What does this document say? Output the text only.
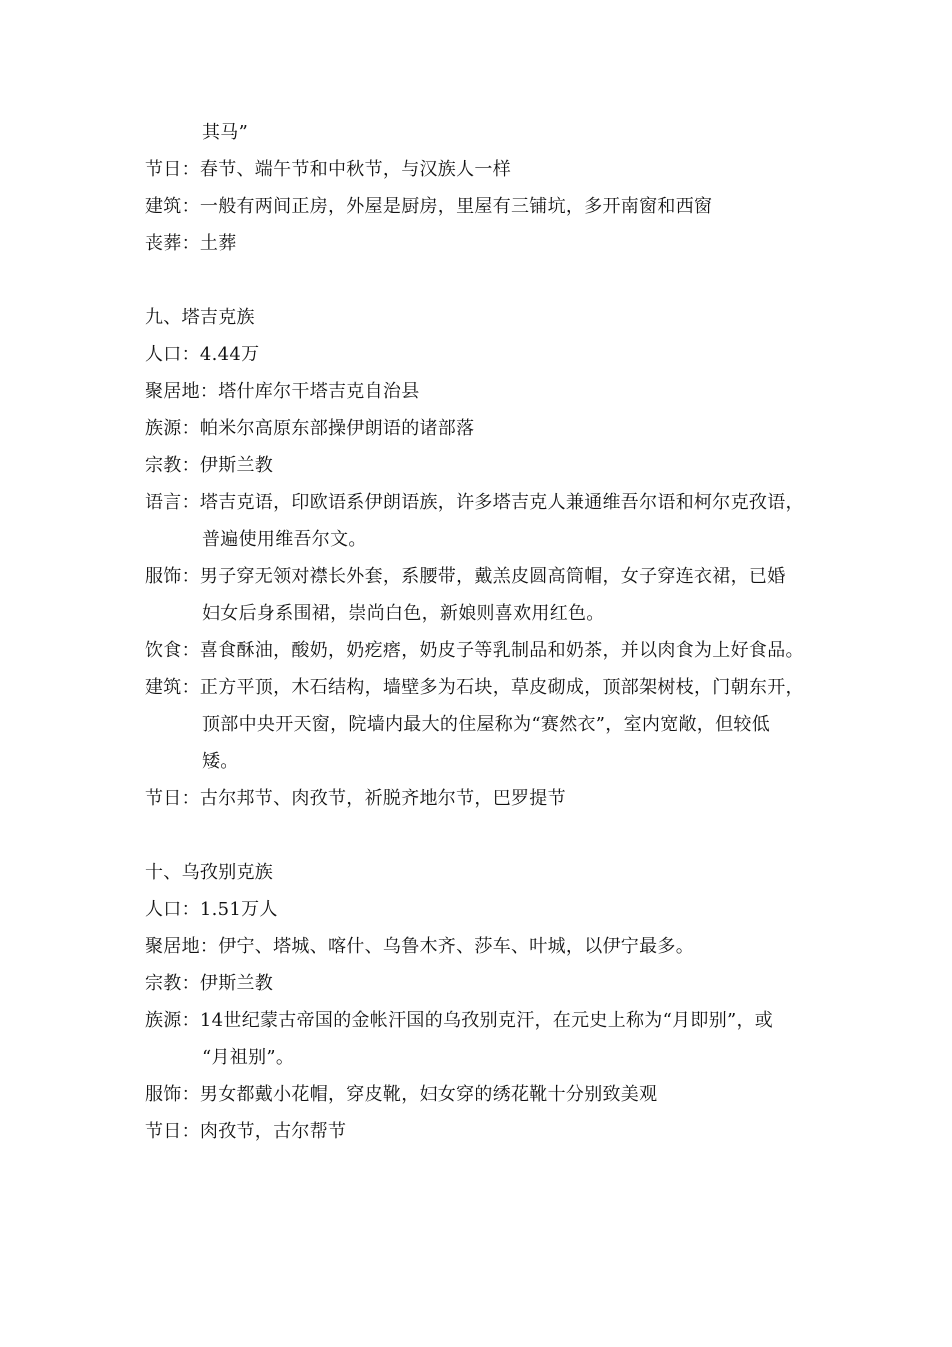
其马”

节日：春节、端午节和中秋节，与汉族人一样

建筑：一般有两间正房，外屋是厨房，里屋有三铺坑，多开南窗和西窗

丧葬：土葬

九、塔吉克族

人口：4.44万

聚居地：塔什库尔干塔吉克自治县

族源：帕米尔高原东部操伊朗语的诸部落

宗教：伊斯兰教

语言：塔吉克语，印欧语系伊朗语族，许多塔吉克人兼通维吾尔语和柯尔克孜语，

普遍使用维吾尔文。

服饰：男子穿无领对襟长外套，系腰带，戴羔皮圆高筒帽，女子穿连衣裙，已婚

妇女后身系围裙，崇尚白色，新娘则喜欢用红色。

饮食：喜食酥油，酸奶，奶疙瘩，奶皮子等乳制品和奶茶，并以肉食为上好食品。

建筑：正方平顶，木石结构，墙壁多为石块，草皮砌成，顶部架树枝，门朝东开，

顶部中央开天窗，院墙内最大的住屋称为“赛然衣”，室内宽敞，但较低

矮。

节日：古尔邦节、肉孜节，祈脱齐地尔节，巴罗提节

十、乌孜别克族

人口：1.51万人

聚居地：伊宁、塔城、喀什、乌鲁木齐、莎车、叶城，以伊宁最多。

宗教：伊斯兰教

族源：14世纪蒙古帝国的金帐汗国的乌孜别克汗，在元史上称为“月即别”，或

“月祖别”。

服饰：男女都戴小花帽，穿皮靴，妇女穿的绣花靴十分别致美观

节日：肉孜节，古尔帮节
